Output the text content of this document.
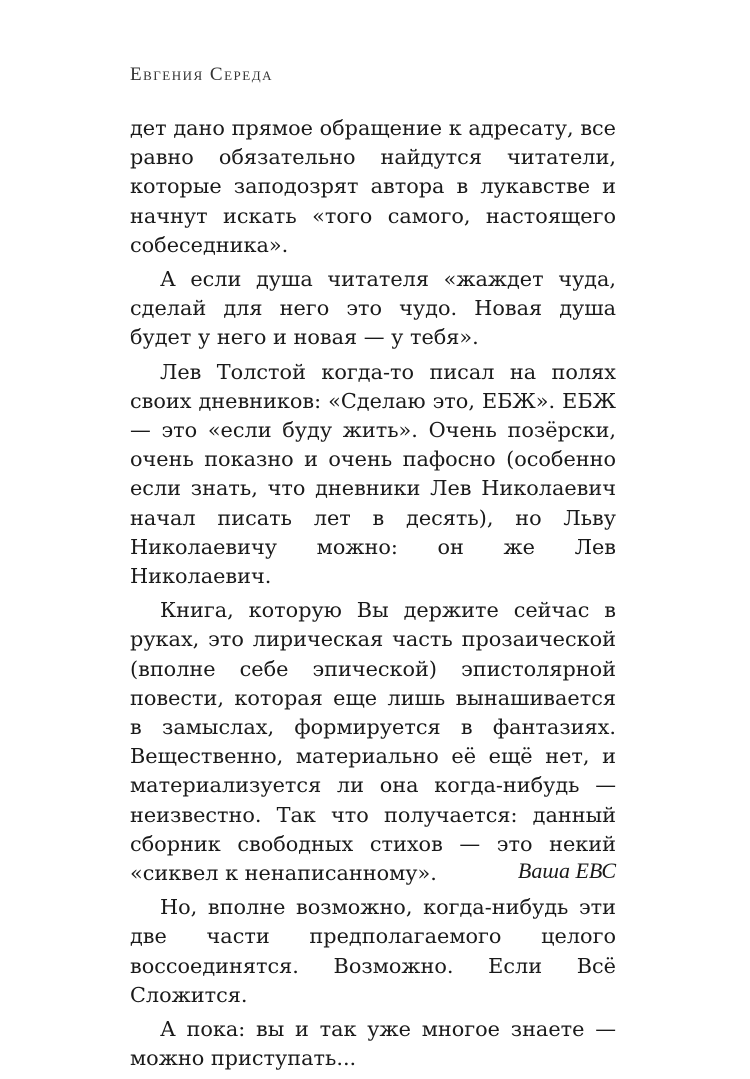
Евгения Середа

дет дано прямое обращение к адресату, все равно обязательно найдутся читатели, которые заподозрят автора в лукавстве и начнут искать «того самого, настоящего собеседника».

А если душа читателя «жаждет чуда, сделай для него это чудо. Новая душа будет у него и новая — у тебя».

Лев Толстой когда-то писал на полях своих дневников: «Сделаю это, ЕБЖ». ЕБЖ — это «если буду жить». Очень позёрски, очень показно и очень пафосно (особенно если знать, что дневники Лев Николаевич начал писать лет в десять), но Льву Николаевичу можно: он же Лев Николаевич.

Книга, которую Вы держите сейчас в руках, это лирическая часть прозаической (вполне себе эпической) эпистолярной повести, которая еще лишь вынашивается в замыслах, формируется в фантазиях. Вещественно, материально её ещё нет, и материализуется ли она когда-нибудь — неизвестно. Так что получается: данный сборник свободных стихов — это некий «сиквел к ненаписанному».

Но, вполне возможно, когда-нибудь эти две части предполагаемого целого воссоединятся. Возможно. Если Всё Сложится.

А пока: вы и так уже многое знаете — можно приступать...

Ваша ЕВС
